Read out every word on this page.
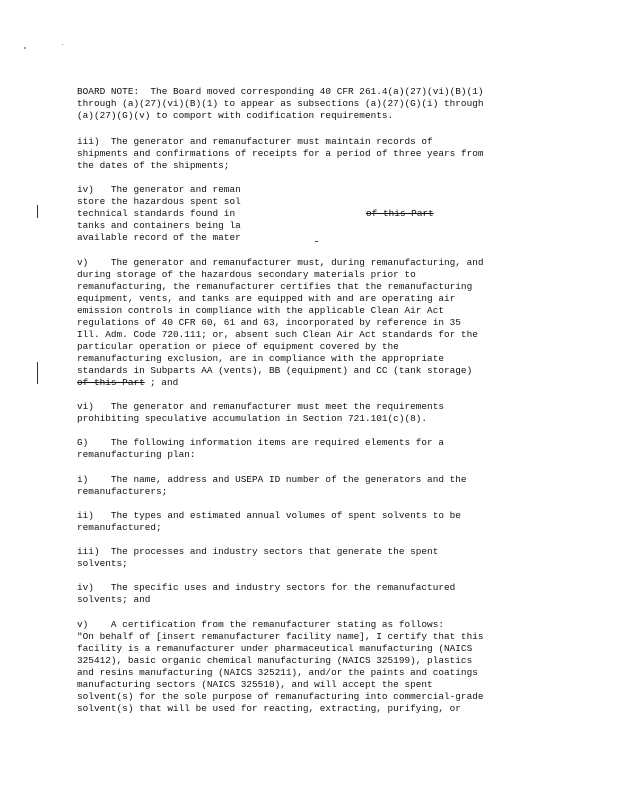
BOARD NOTE:  The Board moved corresponding 40 CFR 261.4(a)(27)(vi)(B)(1)

through (a)(27)(vi)(B)(1) to appear as subsections (a)(27)(G)(i) through

(a)(27)(G)(v) to comport with codification requirements.

iii)  The generator and remanufacturer must maintain records of

shipments and confirmations of receipts for a period of three years from

the dates of the shipments;

iv)   The generator and reman

store the hazardous spent sol

technical standards found in	of this Part

tanks and containers being la

available record of the mater

v)    The generator and remanufacturer must, during remanufacturing, and

during storage of the hazardous secondary materials prior to

remanufacturing, the remanufacturer certifies that the remanufacturing

equipment, vents, and tanks are equipped with and are operating air

emission controls in compliance with the applicable Clean Air Act

regulations of 40 CFR 60, 61 and 63, incorporated by reference in 35

Ill. Adm. Code 720.111; or, absent such Clean Air Act standards for the

particular operation or piece of equipment covered by the

remanufacturing exclusion, are in compliance with the appropriate

standards in Subparts AA (vents), BB (equipment) and CC (tank storage)

of this Part ; and

vi)   The generator and remanufacturer must meet the requirements

prohibiting speculative accumulation in Section 721.101(c)(8).

G)    The following information items are required elements for a

remanufacturing plan:

i)    The name, address and USEPA ID number of the generators and the

remanufacturers;

ii)   The types and estimated annual volumes of spent solvents to be

remanufactured;

iii)  The processes and industry sectors that generate the spent

solvents;

iv)   The specific uses and industry sectors for the remanufactured

solvents; and

v)    A certification from the remanufacturer stating as follows:

"On behalf of [insert remanufacturer facility name], I certify that this

facility is a remanufacturer under pharmaceutical manufacturing (NAICS

325412), basic organic chemical manufacturing (NAICS 325199), plastics

and resins manufacturing (NAICS 325211), and/or the paints and coatings

manufacturing sectors (NAICS 325510), and will accept the spent

solvent(s) for the sole purpose of remanufacturing into commercial-grade

solvent(s) that will be used for reacting, extracting, purifying, or
